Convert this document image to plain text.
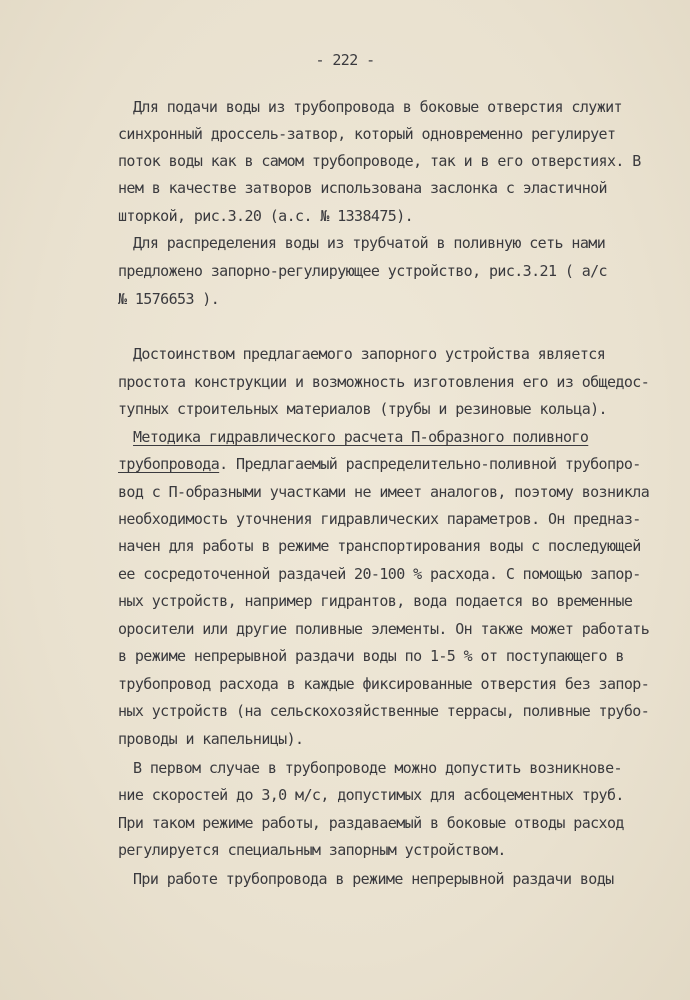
- 222 -
Для подачи воды из трубопровода в боковые отверстия служит
синхронный дроссель-затвор, который одновременно регулирует
поток воды как в самом трубопроводе, так и в его отверстиях. В
нем в качестве затворов использована заслонка с эластичной
шторкой, рис.3.20 (а.с. № 1338475).
Для распределения воды из трубчатой в поливную сеть нами
предложено запорно-регулирующее устройство, рис.3.21 ( а/с
№ 1576653 ).
Достоинством предлагаемого запорного устройства является
простота конструкции и возможность изготовления его из общедос-
тупных строительных материалов (трубы и резиновые кольца).
Методика гидравлического расчета П-образного поливного
трубопровода. Предлагаемый распределительно-поливной трубопро-
вод с П-образными участками не имеет аналогов, поэтому возникла
необходимость уточнения гидравлических параметров. Он предназ-
начен для работы в режиме транспортирования воды с последующей
ее сосредоточенной раздачей 20-100 % расхода. С помощью запор-
ных устройств, например гидрантов, вода подается во временные
оросители или другие поливные элементы. Он также может работать
в режиме непрерывной раздачи воды по 1-5 % от поступающего в
трубопровод расхода в каждые фиксированные отверстия без запор-
ных устройств (на сельскохозяйственные террасы, поливные трубо-
проводы и капельницы).
В первом случае в трубопроводе можно допустить возникнове-
ние скоростей до 3,0 м/с, допустимых для асбоцементных труб.
При таком режиме работы, раздаваемый в боковые отводы расход
регулируется специальным запорным устройством.
При работе трубопровода в режиме непрерывной раздачи воды
